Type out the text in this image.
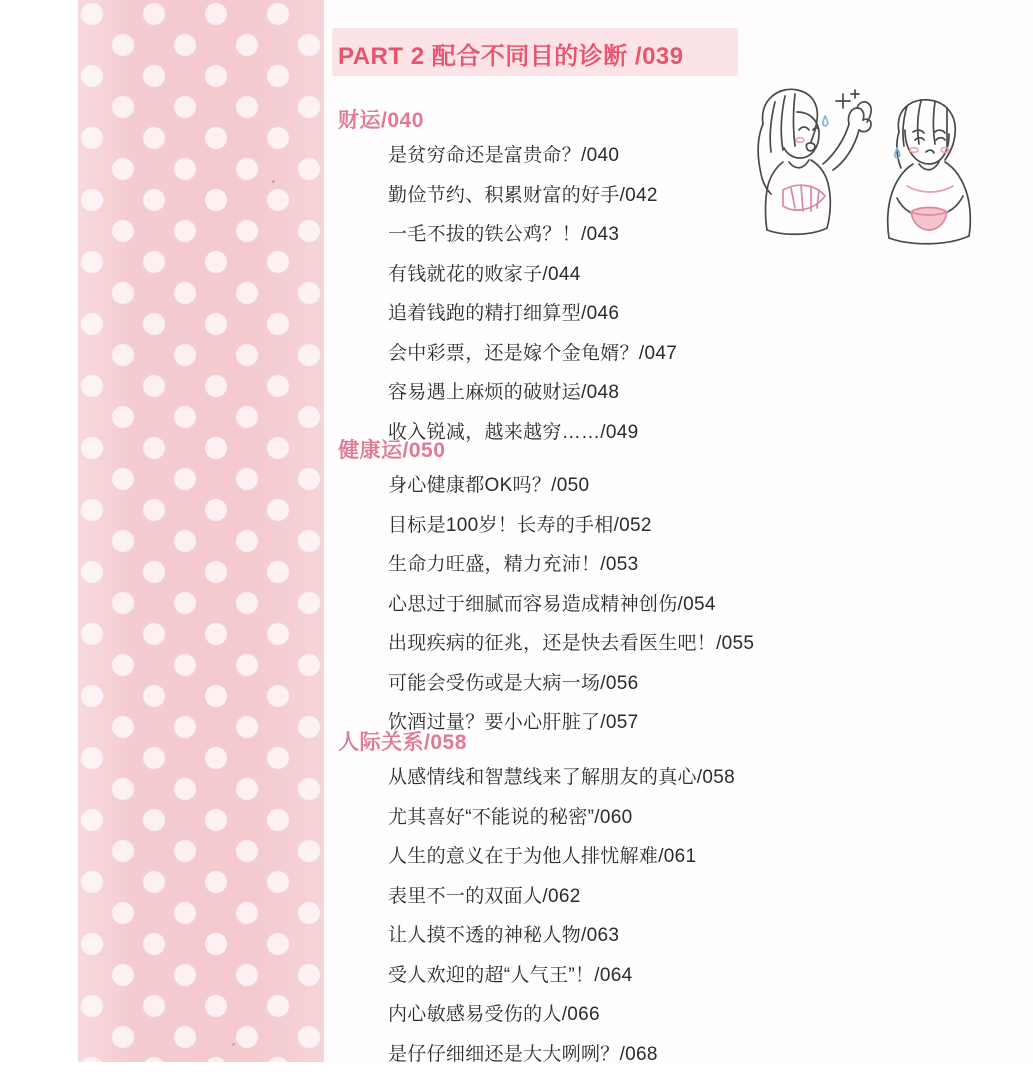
PART 2 配合不同目的诊断 /039
财运/040
是贫穷命还是富贵命？/040
勤俭节约、积累财富的好手/042
一毛不拔的铁公鸡？！/043
有钱就花的败家子/044
追着钱跑的精打细算型/046
会中彩票，还是嫁个金龟婿？/047
容易遇上麻烦的破财运/048
收入锐减，越来越穷……/049
健康运/050
身心健康都OK吗？/050
目标是100岁！长寿的手相/052
生命力旺盛，精力充沛！/053
心思过于细腻而容易造成精神创伤/054
出现疾病的征兆，还是快去看医生吧！/055
可能会受伤或是大病一场/056
饮酒过量？要小心肝脏了/057
人际关系/058
从感情线和智慧线来了解朋友的真心/058
尤其喜好“不能说的秘密”/060
人生的意义在于为他人排忧解难/061
表里不一的双面人/062
让人摸不透的神秘人物/063
受人欢迎的超“人气王”！/064
内心敏感易受伤的人/066
是仔仔细细还是大大咧咧？/068
